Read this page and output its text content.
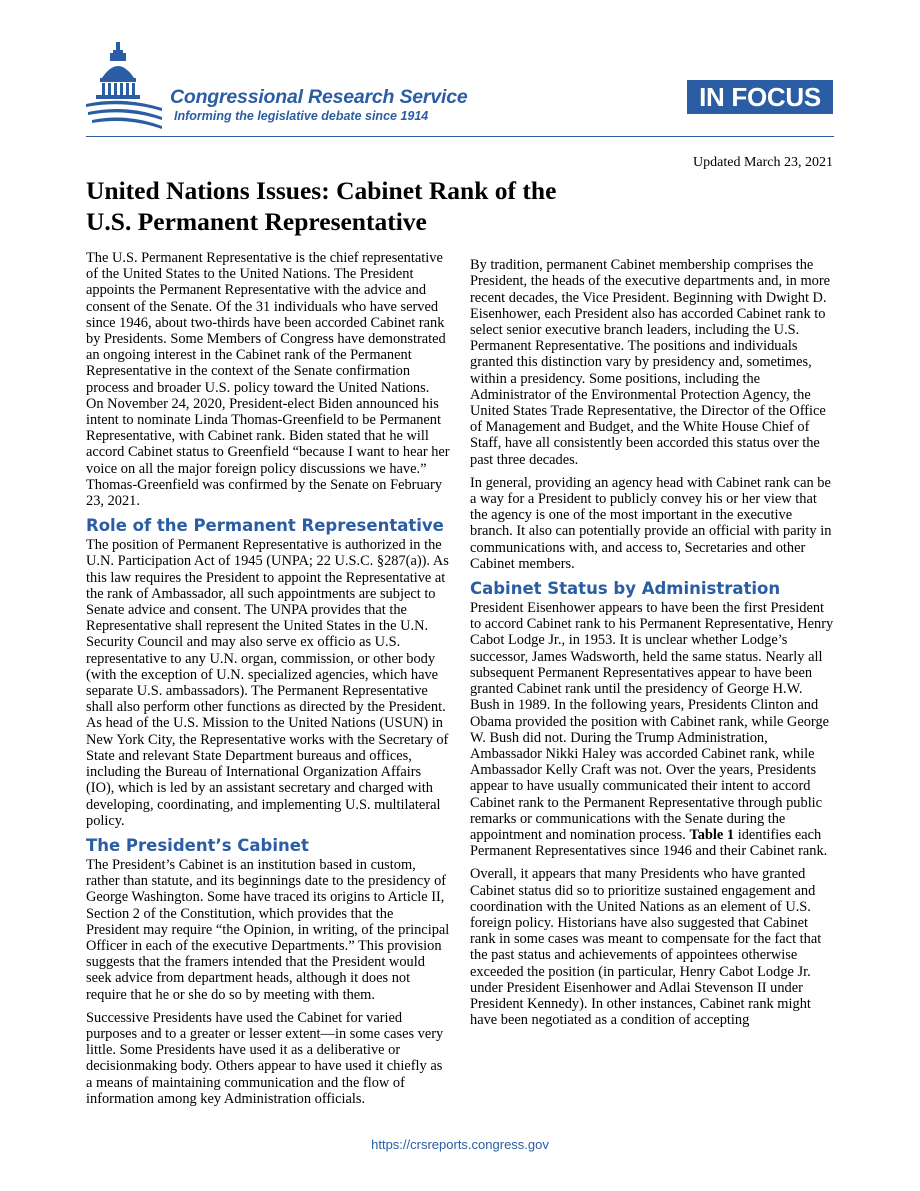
Congressional Research Service
Informing the legislative debate since 1914
IN FOCUS
Updated March 23, 2021
United Nations Issues: Cabinet Rank of the
U.S. Permanent Representative

The U.S. Permanent Representative is the chief representative of the United States to the United Nations. The President appoints the Permanent Representative with the advice and consent of the Senate. Of the 31 individuals who have served since 1946, about two-thirds have been accorded Cabinet rank by Presidents. Some Members of Congress have demonstrated an ongoing interest in the Cabinet rank of the Permanent Representative in the context of the Senate confirmation process and broader U.S. policy toward the United Nations. On November 24, 2020, President-elect Biden announced his intent to nominate Linda Thomas-Greenfield to be Permanent Representative, with Cabinet rank. Biden stated that he will accord Cabinet status to Greenfield “because I want to hear her voice on all the major foreign policy discussions we have.” Thomas-Greenfield was confirmed by the Senate on February 23, 2021.

Role of the Permanent Representative

The position of Permanent Representative is authorized in the U.N. Participation Act of 1945 (UNPA; 22 U.S.C. §287(a)). As this law requires the President to appoint the Representative at the rank of Ambassador, all such appointments are subject to Senate advice and consent. The UNPA provides that the Representative shall represent the United States in the U.N. Security Council and may also serve ex officio as U.S. representative to any U.N. organ, commission, or other body (with the exception of U.N. specialized agencies, which have separate U.S. ambassadors). The Permanent Representative shall also perform other functions as directed by the President. As head of the U.S. Mission to the United Nations (USUN) in New York City, the Representative works with the Secretary of State and relevant State Department bureaus and offices, including the Bureau of International Organization Affairs (IO), which is led by an assistant secretary and charged with developing, coordinating, and implementing U.S. multilateral policy.

The President’s Cabinet

The President’s Cabinet is an institution based in custom, rather than statute, and its beginnings date to the presidency of George Washington. Some have traced its origins to Article II, Section 2 of the Constitution, which provides that the President may require “the Opinion, in writing, of the principal Officer in each of the executive Departments.” This provision suggests that the framers intended that the President would seek advice from department heads, although it does not require that he or she do so by meeting with them.

Successive Presidents have used the Cabinet for varied purposes and to a greater or lesser extent—in some cases very little. Some Presidents have used it as a deliberative or decisionmaking body. Others appear to have used it chiefly as a means of maintaining communication and the flow of information among key Administration officials.

By tradition, permanent Cabinet membership comprises the President, the heads of the executive departments and, in more recent decades, the Vice President. Beginning with Dwight D. Eisenhower, each President also has accorded Cabinet rank to select senior executive branch leaders, including the U.S. Permanent Representative. The positions and individuals granted this distinction vary by presidency and, sometimes, within a presidency. Some positions, including the Administrator of the Environmental Protection Agency, the United States Trade Representative, the Director of the Office of Management and Budget, and the White House Chief of Staff, have all consistently been accorded this status over the past three decades.

In general, providing an agency head with Cabinet rank can be a way for a President to publicly convey his or her view that the agency is one of the most important in the executive branch. It also can potentially provide an official with parity in communications with, and access to, Secretaries and other Cabinet members.

Cabinet Status by Administration

President Eisenhower appears to have been the first President to accord Cabinet rank to his Permanent Representative, Henry Cabot Lodge Jr., in 1953. It is unclear whether Lodge’s successor, James Wadsworth, held the same status. Nearly all subsequent Permanent Representatives appear to have been granted Cabinet rank until the presidency of George H.W. Bush in 1989. In the following years, Presidents Clinton and Obama provided the position with Cabinet rank, while George W. Bush did not. During the Trump Administration, Ambassador Nikki Haley was accorded Cabinet rank, while Ambassador Kelly Craft was not. Over the years, Presidents appear to have usually communicated their intent to accord Cabinet rank to the Permanent Representative through public remarks or communications with the Senate during the appointment and nomination process. Table 1 identifies each Permanent Representatives since 1946 and their Cabinet rank.

Overall, it appears that many Presidents who have granted Cabinet status did so to prioritize sustained engagement and coordination with the United Nations as an element of U.S. foreign policy. Historians have also suggested that Cabinet rank in some cases was meant to compensate for the fact that the past status and achievements of appointees otherwise exceeded the position (in particular, Henry Cabot Lodge Jr. under President Eisenhower and Adlai Stevenson II under President Kennedy). In other instances, Cabinet rank might have been negotiated as a condition of accepting

https://crsreports.congress.gov
